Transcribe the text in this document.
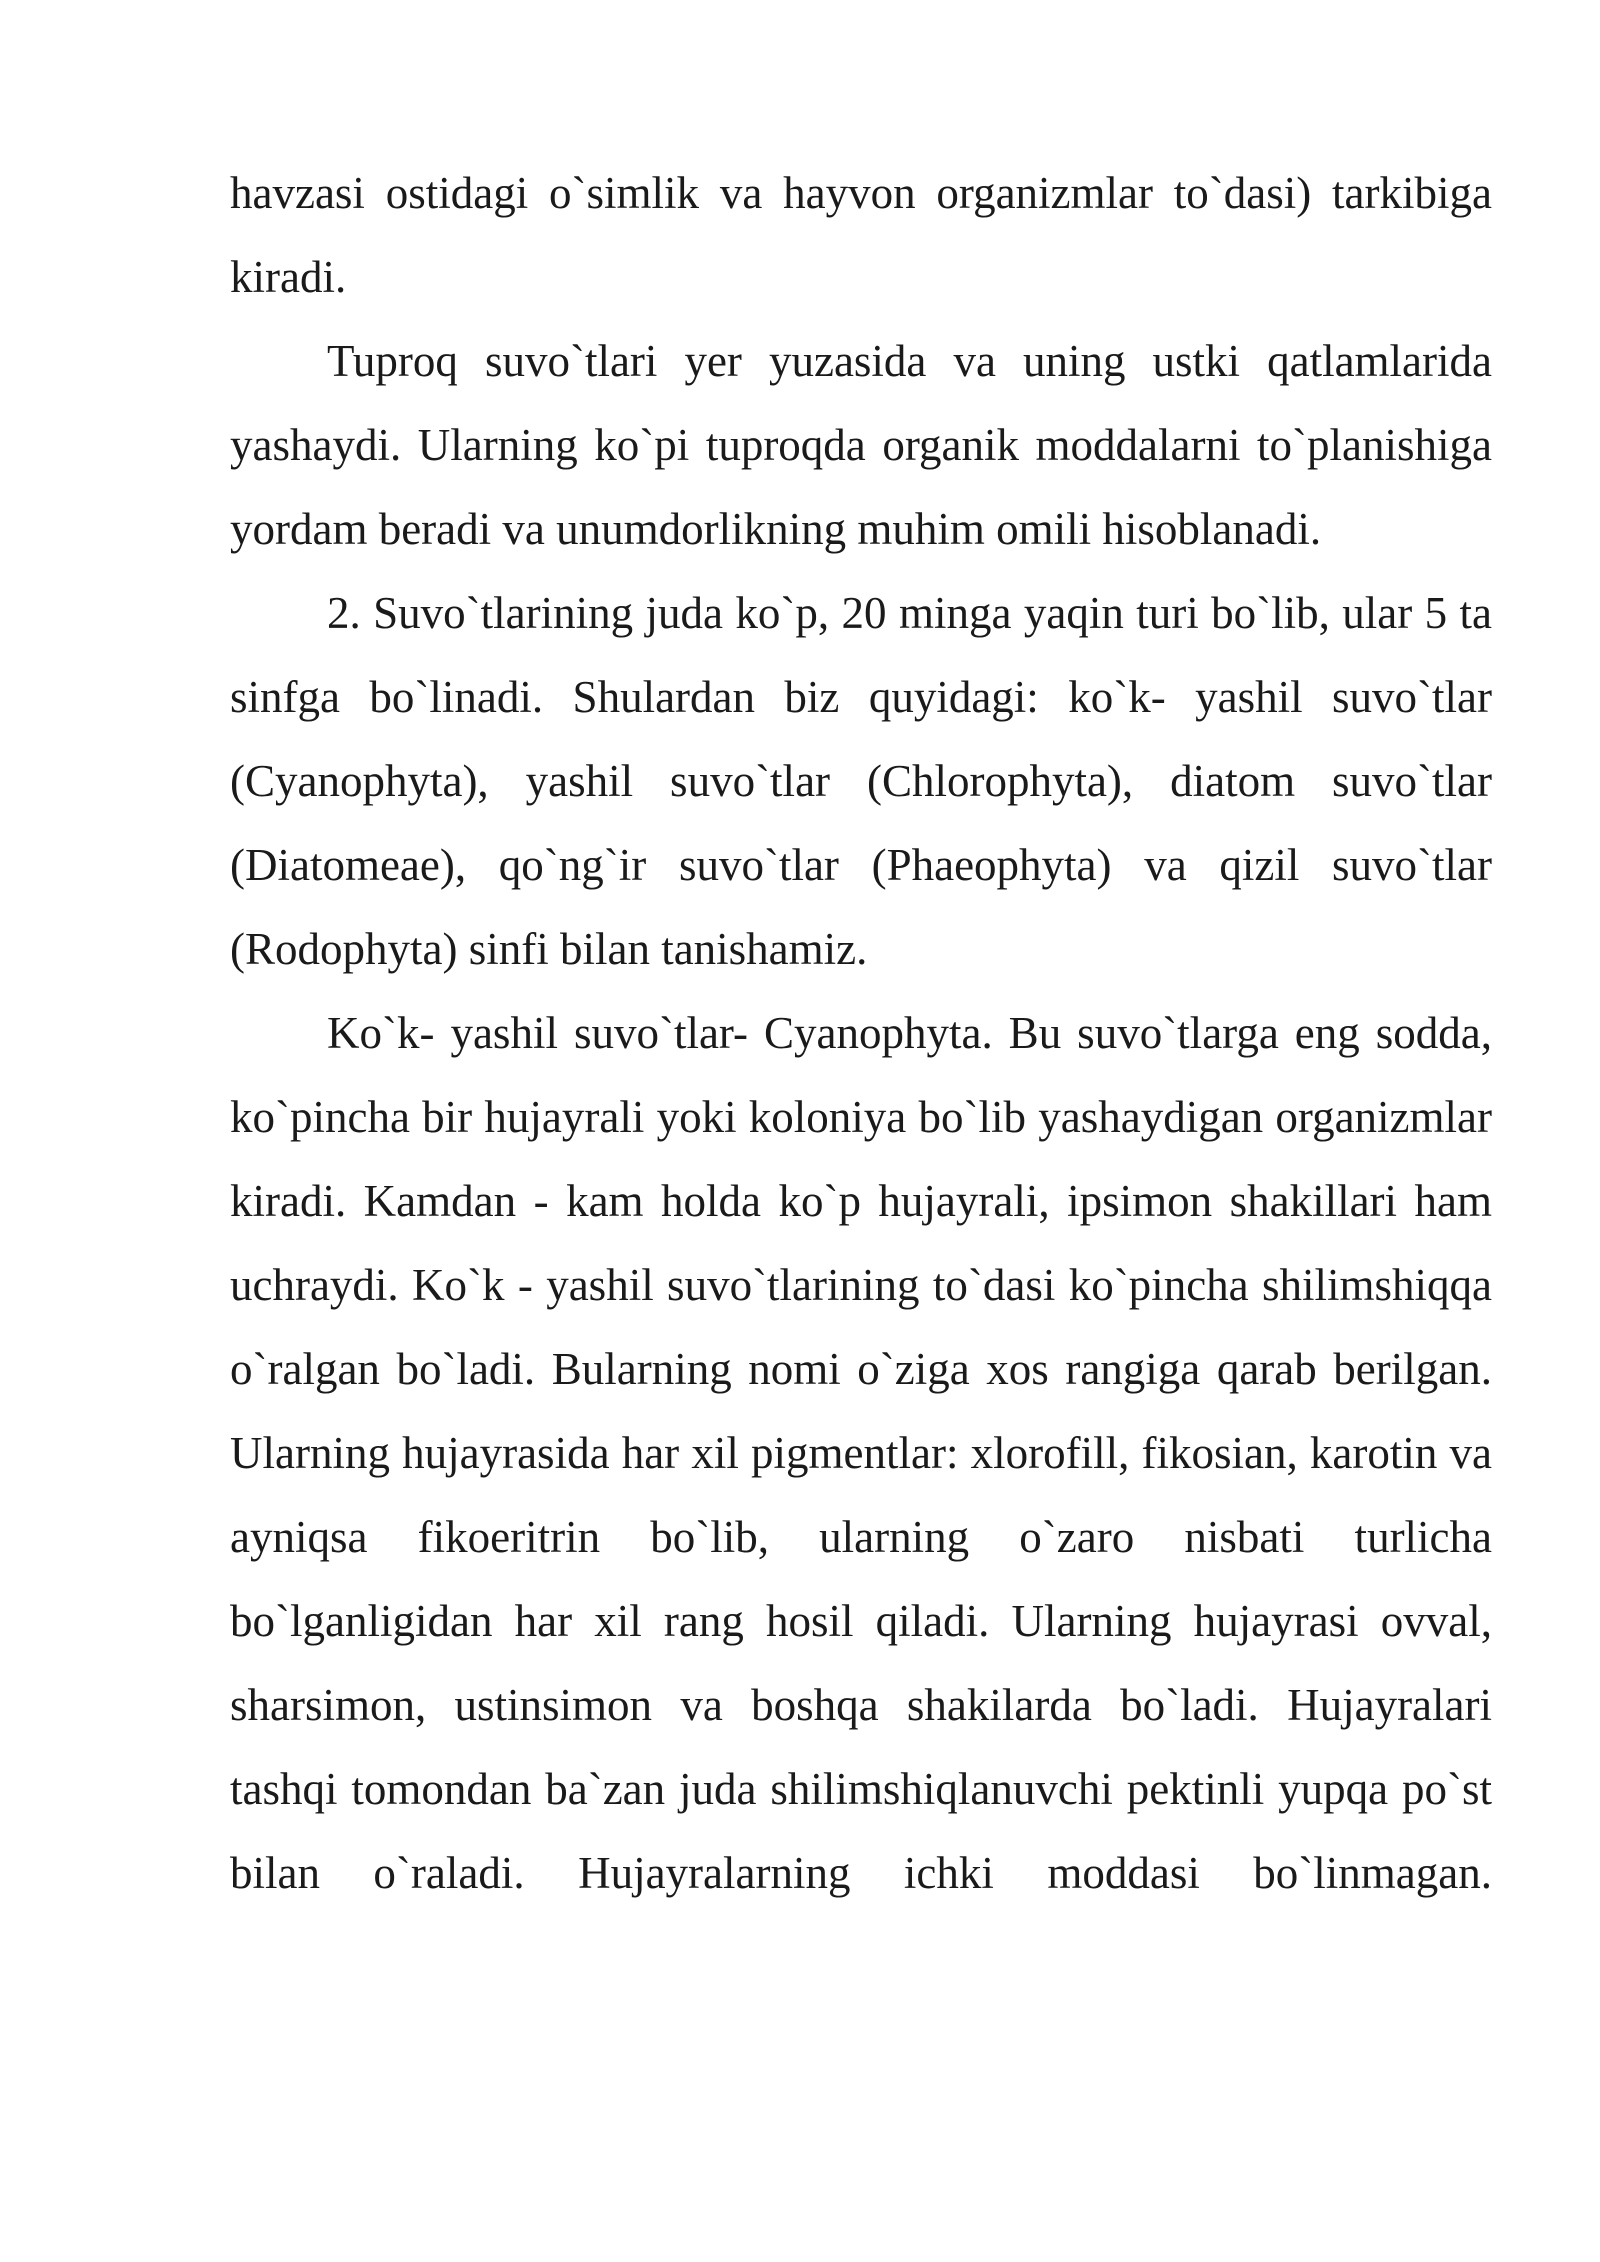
havzasi ostidagi o`simlik va hayvon organizmlar to`dasi) tarkibiga kiradi.

Tuproq suvo`tlari yer yuzasida va uning ustki qatlamlarida yashaydi. Ularning ko`pi tuproqda organik moddalarni to`planishiga yordam beradi va unumdorlikning muhim omili hisoblanadi.

2. Suvo`tlarining juda ko`p, 20 minga yaqin turi bo`lib, ular 5 ta sinfga bo`linadi. Shulardan biz quyidagi: ko`k- yashil suvo`tlar (Cyanophyta), yashil suvo`tlar (Chlorophyta), diatom suvo`tlar (Diatomeae), qo`ng`ir suvo`tlar (Phaeophyta) va qizil suvo`tlar (Rodophyta) sinfi bilan tanishamiz.

Ko`k- yashil suvo`tlar- Cyanophyta. Bu suvo`tlarga eng sodda, ko`pincha bir hujayrali yoki koloniya bo`lib yashaydigan organizmlar kiradi. Kamdan - kam holda ko`p hujayrali, ipsimon shakillari ham uchraydi. Ko`k - yashil suvo`tlarining to`dasi ko`pincha shilimshiqqa o`ralgan bo`ladi. Bularning nomi o`ziga xos rangiga qarab berilgan. Ularning hujayrasida har xil pigmentlar: xlorofill, fikosian, karotin va ayniqsa fikoeritrin bo`lib, ularning o`zaro nisbati turlicha bo`lganligidan har xil rang hosil qiladi. Ularning hujayrasi ovval, sharsimon, ustinsimon va boshqa shakilarda bo`ladi. Hujayralari tashqi tomondan ba`zan juda shilimshiqlanuvchi pektinli yupqa po`st bilan o`raladi. Hujayralarning ichki moddasi bo`linmagan.
